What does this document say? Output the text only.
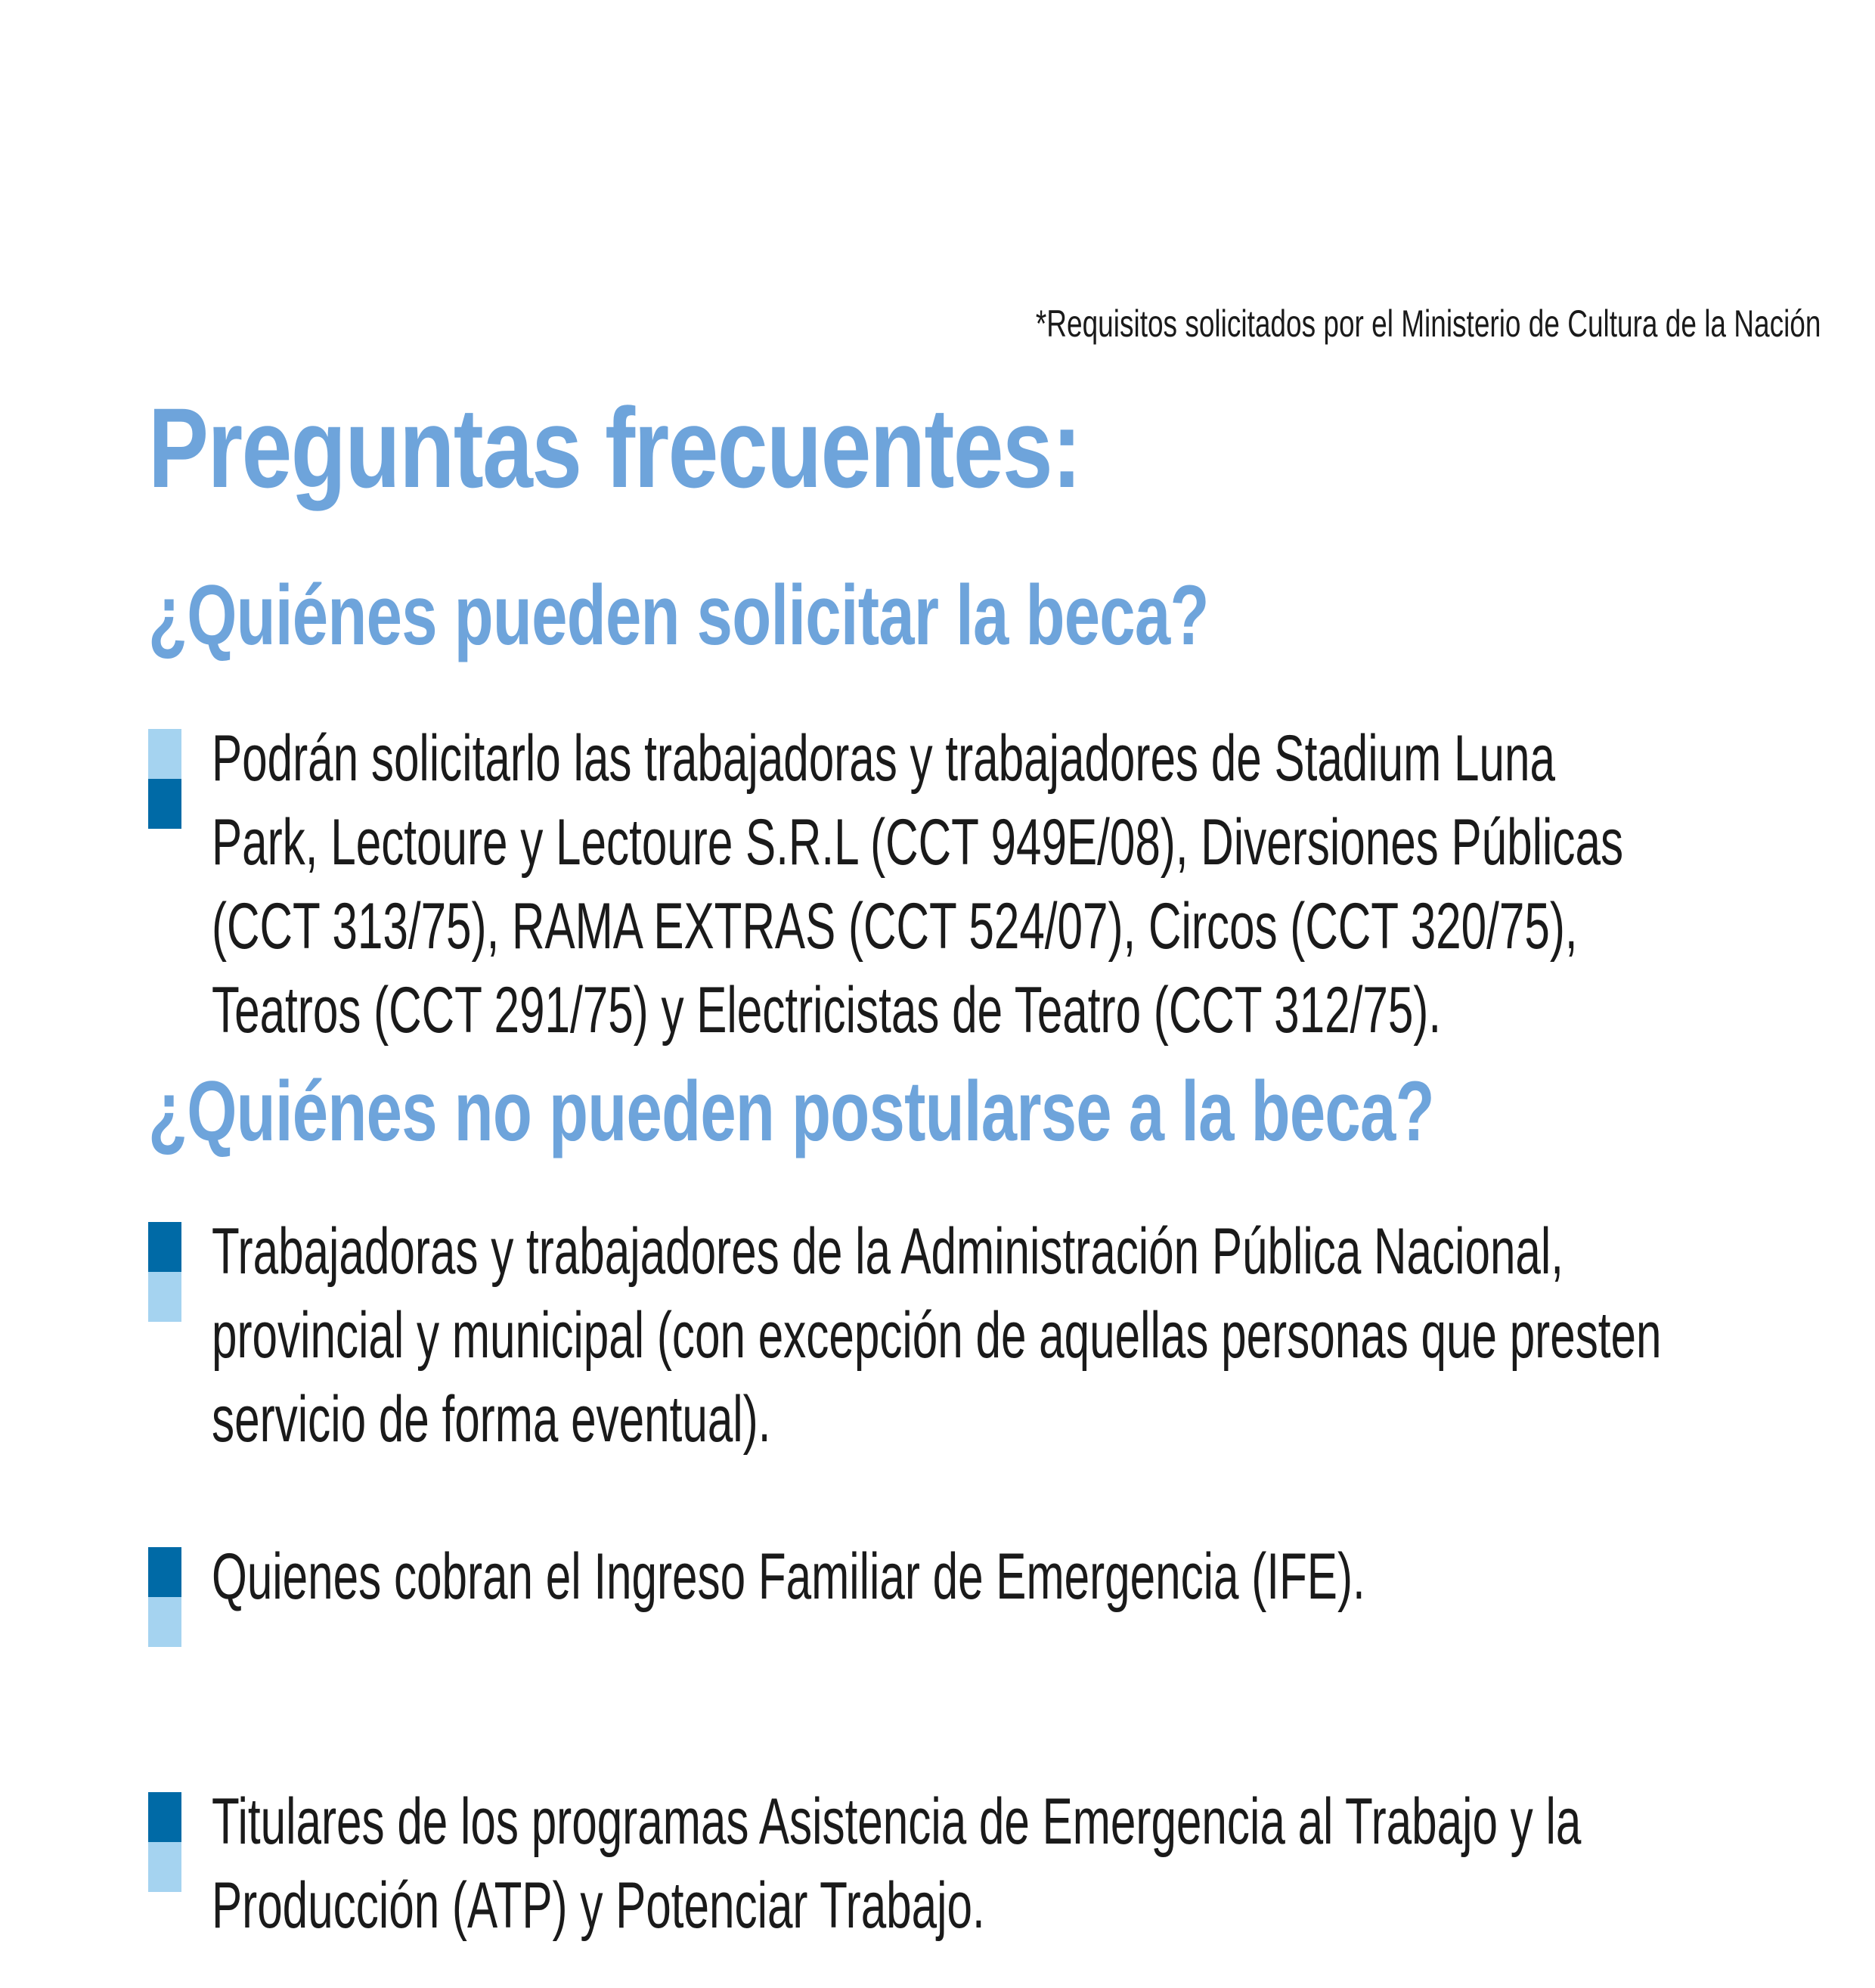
*Requisitos solicitados por el Ministerio de Cultura de la Nación
Preguntas frecuentes:
¿Quiénes pueden solicitar la beca?
Podrán solicitarlo las trabajadoras y trabajadores de Stadium Luna
Park, Lectoure y Lectoure S.R.L (CCT 949E/08), Diversiones Públicas
(CCT 313/75), RAMA EXTRAS (CCT 524/07), Circos (CCT 320/75),
Teatros (CCT 291/75) y Electricistas de Teatro (CCT 312/75).
¿Quiénes no pueden postularse a la beca?
Trabajadoras y trabajadores de la Administración Pública Nacional,
provincial y municipal (con excepción de aquellas personas que presten
servicio de forma eventual).
Quienes cobran el Ingreso Familiar de Emergencia (IFE).
Titulares de los programas Asistencia de Emergencia al Trabajo y la
Producción (ATP) y Potenciar Trabajo.
